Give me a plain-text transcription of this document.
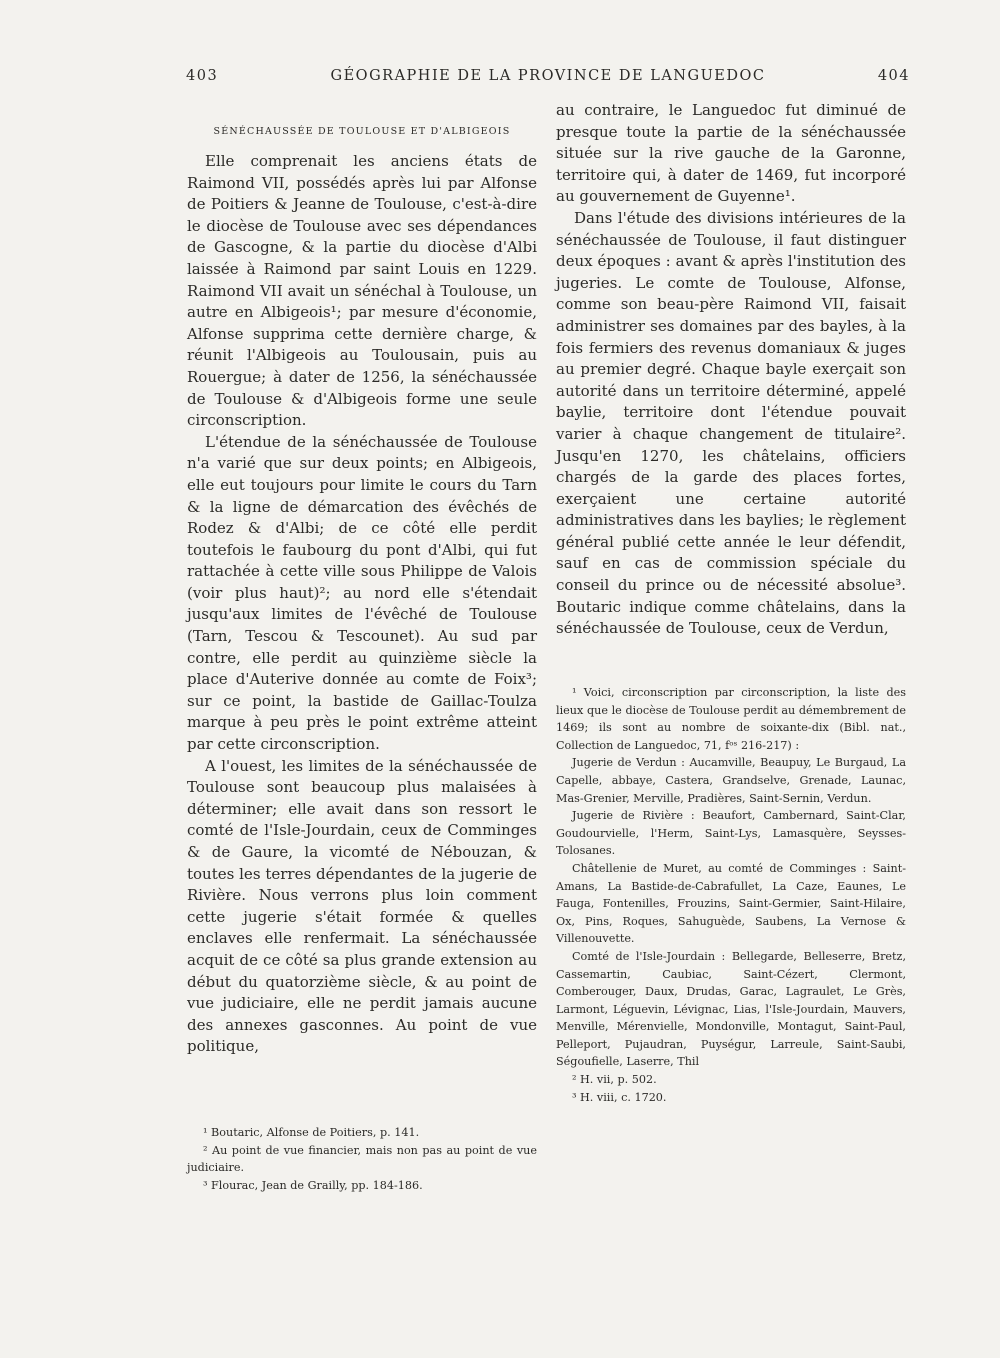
403	GÉOGRAPHIE DE LA PROVINCE DE LANGUEDOC	404
SÉNÉCHAUSSÉE DE TOULOUSE ET D'ALBIGEOIS

Elle comprenait les anciens états de Raimond VII, possédés après lui par Alfonse de Poitiers & Jeanne de Toulouse, c'est-à-dire le diocèse de Toulouse avec ses dépendances de Gascogne, & la partie du diocèse d'Albi laissée à Raimond par saint Louis en 1229. Raimond VII avait un sénéchal à Toulouse, un autre en Albigeois¹; par mesure d'économie, Alfonse supprima cette dernière charge, & réunit l'Albigeois au Toulousain, puis au Rouergue; à dater de 1256, la sénéchaussée de Toulouse & d'Albigeois forme une seule circonscription.

L'étendue de la sénéchaussée de Toulouse n'a varié que sur deux points; en Albigeois, elle eut toujours pour limite le cours du Tarn & la ligne de démarcation des évêchés de Rodez & d'Albi; de ce côté elle perdit toutefois le faubourg du pont d'Albi, qui fut rattachée à cette ville sous Philippe de Valois (voir plus haut)²; au nord elle s'étendait jusqu'aux limites de l'évêché de Toulouse (Tarn, Tescou & Tescounet). Au sud par contre, elle perdit au quinzième siècle la place d'Auterive donnée au comte de Foix³; sur ce point, la bastide de Gaillac-Toulza marque à peu près le point extrême atteint par cette circonscription.

A l'ouest, les limites de la sénéchaussée de Toulouse sont beaucoup plus malaisées à déterminer; elle avait dans son ressort le comté de l'Isle-Jourdain, ceux de Comminges & de Gaure, la vicomté de Nébouzan, & toutes les terres dépendantes de la jugerie de Rivière. Nous verrons plus loin comment cette jugerie s'était formée & quelles enclaves elle renfermait. La sénéchaussée acquit de ce côté sa plus grande extension au début du quatorzième siècle, & au point de vue judiciaire, elle ne perdit jamais aucune des annexes gasconnes. Au point de vue politique,

¹ Boutaric, Alfonse de Poitiers, p. 141.

² Au point de vue financier, mais non pas au point de vue judiciaire.

³ Flourac, Jean de Grailly, pp. 184-186.

au contraire, le Languedoc fut diminué de presque toute la partie de la sénéchaussée située sur la rive gauche de la Garonne, territoire qui, à dater de 1469, fut incorporé au gouvernement de Guyenne¹.

Dans l'étude des divisions intérieures de la sénéchaussée de Toulouse, il faut distinguer deux époques : avant & après l'institution des jugeries. Le comte de Toulouse, Alfonse, comme son beau-père Raimond VII, faisait administrer ses domaines par des bayles, à la fois fermiers des revenus domaniaux & juges au premier degré. Chaque bayle exerçait son autorité dans un territoire déterminé, appelé baylie, territoire dont l'étendue pouvait varier à chaque changement de titulaire². Jusqu'en 1270, les châtelains, officiers chargés de la garde des places fortes, exerçaient une certaine autorité administratives dans les baylies; le règlement général publié cette année le leur défendit, sauf en cas de commission spéciale du conseil du prince ou de nécessité absolue³. Boutaric indique comme châtelains, dans la sénéchaussée de Toulouse, ceux de Verdun,

¹ Voici, circonscription par circonscription, la liste des lieux que le diocèse de Toulouse perdit au démembrement de 1469; ils sont au nombre de soixante-dix (Bibl. nat., Collection de Languedoc, 71, fᵒˢ 216-217) :

Jugerie de Verdun : Aucamville, Beaupuy, Le Burgaud, La Capelle, abbaye, Castera, Grandselve, Grenade, Launac, Mas-Grenier, Merville, Pradières, Saint-Sernin, Verdun.

Jugerie de Rivière : Beaufort, Cambernard, Saint-Clar, Goudourvielle, l'Herm, Saint-Lys, Lamasquère, Seysses-Tolosanes.

Châtellenie de Muret, au comté de Comminges : Saint-Amans, La Bastide-de-Cabrafullet, La Caze, Eaunes, Le Fauga, Fontenilles, Frouzins, Saint-Germier, Saint-Hilaire, Ox, Pins, Roques, Sahuguède, Saubens, La Vernose & Villenouvette.

Comté de l'Isle-Jourdain : Bellegarde, Belleserre, Bretz, Cassemartin, Caubiac, Saint-Cézert, Clermont, Comberouger, Daux, Drudas, Garac, Lagraulet, Le Grès, Larmont, Léguevin, Lévignac, Lias, l'Isle-Jourdain, Mauvers, Menville, Mérenvielle, Mondonville, Montagut, Saint-Paul, Pelleport, Pujaudran, Puységur, Larreule, Saint-Saubi, Ségoufielle, Laserre, Thil

² H. vii, p. 502.

³ H. viii, c. 1720.
